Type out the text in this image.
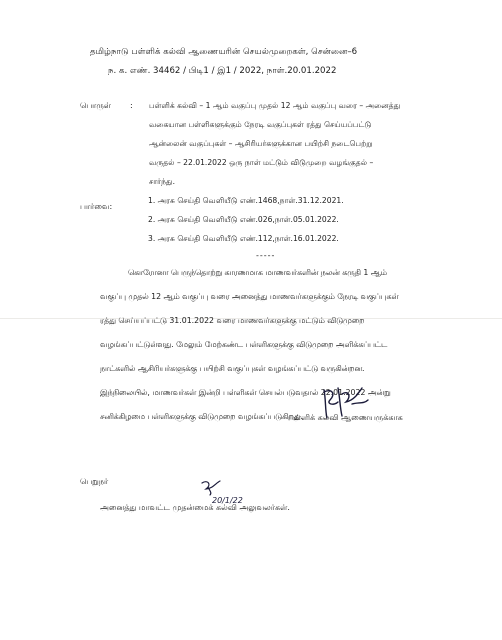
தமிழ்நாடு பள்ளிக் கல்வி ஆணையரின் செயல்முறைகள், சென்னை–6
ந. க. எண். 34462 / பிடி1 / இ1 / 2022, நாள்.20.01.2022
பொருள் : பள்ளிக் கல்வி – 1 ஆம் வகுப்பு முதல் 12 ஆம் வகுப்பு வரை – அனைத்து
வகையான பள்ளிகளுக்கும் நேரடி வகுப்புகள் ரத்து செய்யப்பட்டு
ஆன்லைன் வகுப்புகள் – ஆசிரியர்களுக்கான பயிற்சி நடைபெற்று
வருதல் – 22.01.2022 ஒரு நாள் மட்டும் விடுமுறை வழங்குதல் –
சார்ந்து.
பார்வை:
1. அரசு செய்தி வெளியீடு எண்.1468,நாள்.31.12.2021.
2. அரசு செய்தி வெளியீடு எண்.026,நாள்.05.01.2022.
3. அரசு செய்தி வெளியீடு எண்.112,நாள்.16.01.2022.
-----
கொரோனா பெருந்தொற்று காரணமாக மாணவர்களின் நலன் கருதி 1 ஆம்
வகுப்பு முதல் 12 ஆம் வகுப்பு வரை அனைத்து மாணவர்களுக்கும் நேரடி வகுப்புகள்
ரத்து செய்யப்பட்டு 31.01.2022 வரை மாணவர்களுக்கு மட்டும் விடுமுறை
வழங்கப்பட்டுள்ளது. மேலும் மேற்கண்ட பள்ளிகளுக்கு விடுமுறை அளிக்கப்பட்ட
நாட்களில் ஆசிரியர்களுக்கு பயிற்சி வகுப்புகள் வழங்கப்பட்டு வருகின்றன.
இந்நிலையில், மாணவர்கள் இன்றி பள்ளிகள் செயல்படுவதால் 22.01.2022 அன்று
சனிக்கிழமை பள்ளிகளுக்கு விடுமுறை வழங்கப்படுகிறது.
பள்ளிக் கல்வி ஆணையருக்காக
பெறுநர்
20/1/22
அனைத்து மாவட்ட முதன்மைக் கல்வி அலுவலர்கள்.
